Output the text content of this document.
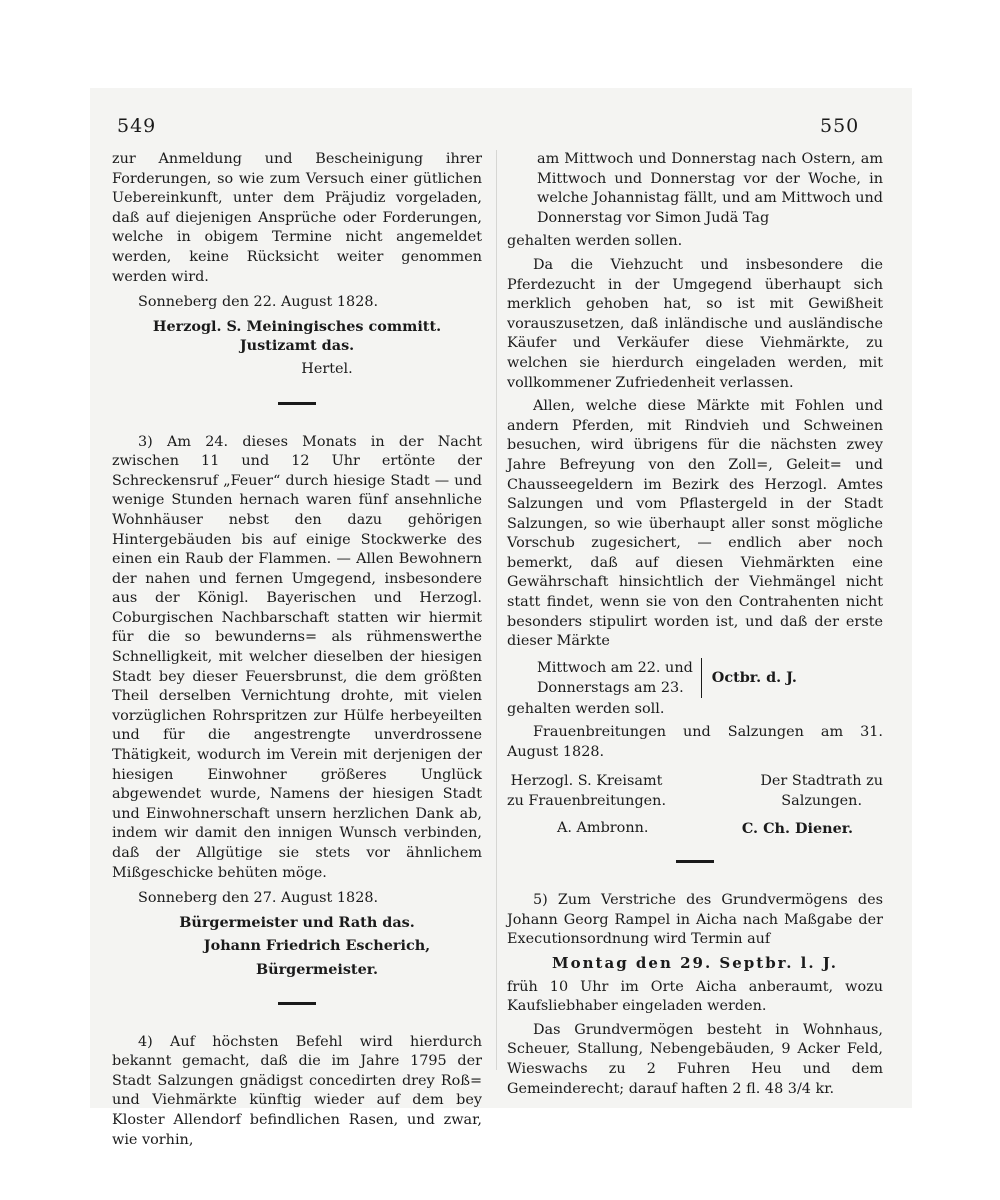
549	550

zur Anmeldung und Bescheinigung ihrer Forderungen, so wie zum Versuch einer gütlichen Uebereinkunft, unter dem Präjudiz vorgeladen, daß auf diejenigen Ansprüche oder Forderungen, welche in obigem Termine nicht angemeldet werden, keine Rücksicht weiter genommen werden wird.

Sonneberg den 22. August 1828.

Herzogl. S. Meiningisches committ. Justizamt das.

Hertel.

3) Am 24. dieses Monats in der Nacht zwischen 11 und 12 Uhr ertönte der Schreckensruf „Feuer“ durch hiesige Stadt — und wenige Stunden hernach waren fünf ansehnliche Wohnhäuser nebst den dazu gehörigen Hintergebäuden bis auf einige Stockwerke des einen ein Raub der Flammen. — Allen Bewohnern der nahen und fernen Umgegend, insbesondere aus der Königl. Bayerischen und Herzogl. Coburgischen Nachbarschaft statten wir hiermit für die so bewunderns= als rühmenswerthe Schnelligkeit, mit welcher dieselben der hiesigen Stadt bey dieser Feuersbrunst, die dem größten Theil derselben Vernichtung drohte, mit vielen vorzüglichen Rohrspritzen zur Hülfe herbeyeilten und für die angestrengte unverdrossene Thätigkeit, wodurch im Verein mit derjenigen der hiesigen Einwohner größeres Unglück abgewendet wurde, Namens der hiesigen Stadt und Einwohnerschaft unsern herzlichen Dank ab, indem wir damit den innigen Wunsch verbinden, daß der Allgütige sie stets vor ähnlichem Mißgeschicke behüten möge.

Sonneberg den 27. August 1828.

Bürgermeister und Rath das.

Johann Friedrich Escherich,

Bürgermeister.

4) Auf höchsten Befehl wird hierdurch bekannt gemacht, daß die im Jahre 1795 der Stadt Salzungen gnädigst concedirten drey Roß= und Viehmärkte künftig wieder auf dem bey Kloster Allendorf befindlichen Rasen, und zwar, wie vorhin,

am Mittwoch und Donnerstag nach Ostern, am Mittwoch und Donnerstag vor der Woche, in welche Johannistag fällt, und am Mittwoch und Donnerstag vor Simon Judä Tag

gehalten werden sollen.

Da die Viehzucht und insbesondere die Pferdezucht in der Umgegend überhaupt sich merklich gehoben hat, so ist mit Gewißheit vorauszusetzen, daß inländische und ausländische Käufer und Verkäufer diese Viehmärkte, zu welchen sie hierdurch eingeladen werden, mit vollkommener Zufriedenheit verlassen.

Allen, welche diese Märkte mit Fohlen und andern Pferden, mit Rindvieh und Schweinen besuchen, wird übrigens für die nächsten zwey Jahre Befreyung von den Zoll=, Geleit= und Chausseegeldern im Bezirk des Herzogl. Amtes Salzungen und vom Pflastergeld in der Stadt Salzungen, so wie überhaupt aller sonst mögliche Vorschub zugesichert, — endlich aber noch bemerkt, daß auf diesen Viehmärkten eine Gewährschaft hinsichtlich der Viehmängel nicht statt findet, wenn sie von den Contrahenten nicht besonders stipulirt worden ist, und daß der erste dieser Märkte

Mittwoch am 22. und
Donnerstags am 23.
Octbr. d. J.

gehalten werden soll.

Frauenbreitungen und Salzungen am 31. August 1828.

Herzogl. S. Kreisamt
zu Frauenbreitungen.
Der Stadtrath zu
Salzungen.
A. Ambronn.	C. Ch. Diener.

5) Zum Verstriche des Grundvermögens des Johann Georg Rampel in Aicha nach Maßgabe der Executionsordnung wird Termin auf

Montag den 29. Septbr. l. J.

früh 10 Uhr im Orte Aicha anberaumt, wozu Kaufsliebhaber eingeladen werden.

Das Grundvermögen besteht in Wohnhaus, Scheuer, Stallung, Nebengebäuden, 9 Acker Feld, Wieswachs zu 2 Fuhren Heu und dem Gemeinderecht; darauf haften 2 fl. 48 3/4 kr.
